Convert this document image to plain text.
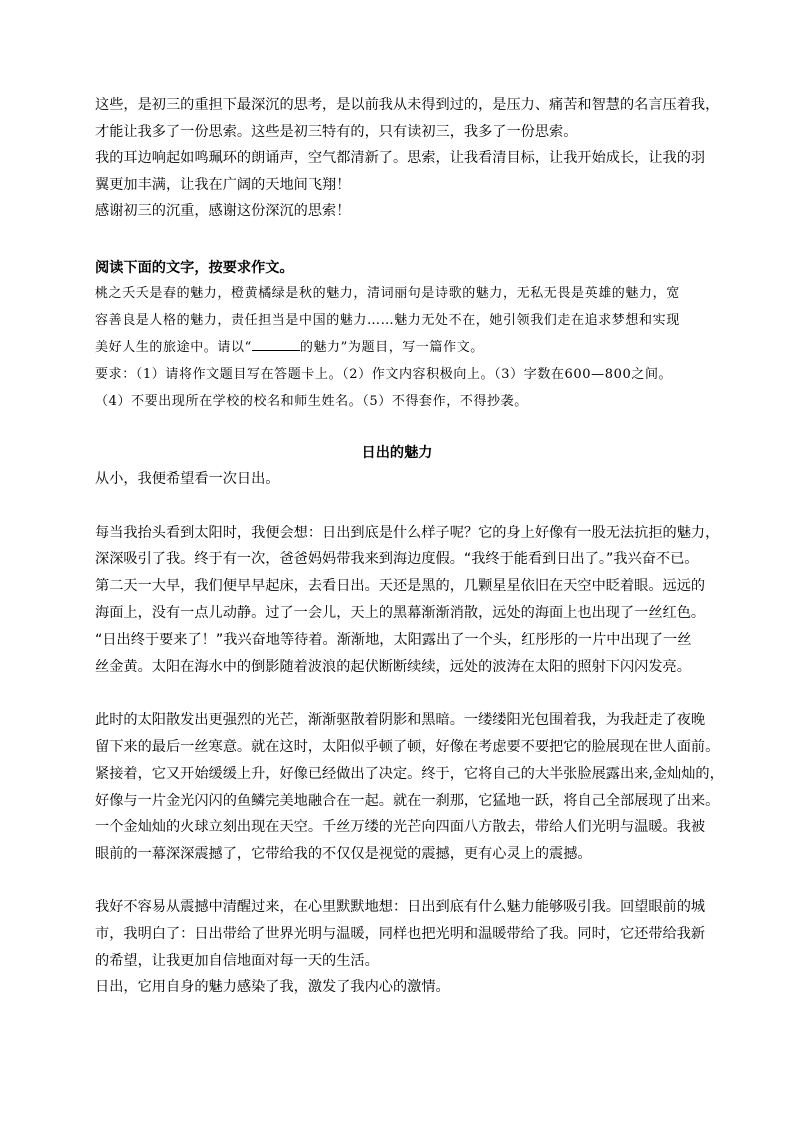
这些，是初三的重担下最深沉的思考，是以前我从未得到过的，是压力、痛苦和智慧的名言压着我，
才能让我多了一份思索。这些是初三特有的，只有读初三，我多了一份思索。
我的耳边响起如鸣珮环的朗诵声，空气都清新了。思索，让我看清目标，让我开始成长，让我的羽
翼更加丰满，让我在广阔的天地间飞翔！
感谢初三的沉重，感谢这份深沉的思索！
阅读下面的文字，按要求作文。
桃之夭夭是春的魅力，橙黄橘绿是秋的魅力，清词丽句是诗歌的魅力，无私无畏是英雄的魅力，宽
容善良是人格的魅力，责任担当是中国的魅力……魅力无处不在，她引领我们走在追求梦想和实现
美好人生的旅途中。请以“	的魅力”为题目，写一篇作文。
要求：（1）请将作文题目写在答题卡上。（2）作文内容积极向上。（3）字数在600—800之间。
（4）不要出现所在学校的校名和师生姓名。（5）不得套作，不得抄袭。
日出的魅力
从小，我便希望看一次日出。
每当我抬头看到太阳时，我便会想：日出到底是什么样子呢？它的身上好像有一股无法抗拒的魅力，
深深吸引了我。终于有一次，爸爸妈妈带我来到海边度假。“我终于能看到日出了。”我兴奋不已。
第二天一大早，我们便早早起床，去看日出。天还是黑的，几颗星星依旧在天空中眨着眼。远远的
海面上，没有一点儿动静。过了一会儿，天上的黑幕渐渐消散，远处的海面上也出现了一丝红色。
“日出终于要来了！”我兴奋地等待着。渐渐地，太阳露出了一个头，红彤彤的一片中出现了一丝
丝金黄。太阳在海水中的倒影随着波浪的起伏断断续续，远处的波涛在太阳的照射下闪闪发亮。
此时的太阳散发出更强烈的光芒，渐渐驱散着阴影和黑暗。一缕缕阳光包围着我，为我赶走了夜晚
留下来的最后一丝寒意。就在这时，太阳似乎顿了顿，好像在考虑要不要把它的脸展现在世人面前。
紧接着，它又开始缓缓上升，好像已经做出了决定。终于，它将自己的大半张脸展露出来,金灿灿的，
好像与一片金光闪闪的鱼鳞完美地融合在一起。就在一刹那，它猛地一跃，将自己全部展现了出来。
一个金灿灿的火球立刻出现在天空。千丝万缕的光芒向四面八方散去，带给人们光明与温暖。我被
眼前的一幕深深震撼了，它带给我的不仅仅是视觉的震撼，更有心灵上的震撼。
我好不容易从震撼中清醒过来，在心里默默地想：日出到底有什么魅力能够吸引我。回望眼前的城
市，我明白了：日出带给了世界光明与温暖，同样也把光明和温暖带给了我。同时，它还带给我新
的希望，让我更加自信地面对每一天的生活。
日出，它用自身的魅力感染了我，激发了我内心的激情。
